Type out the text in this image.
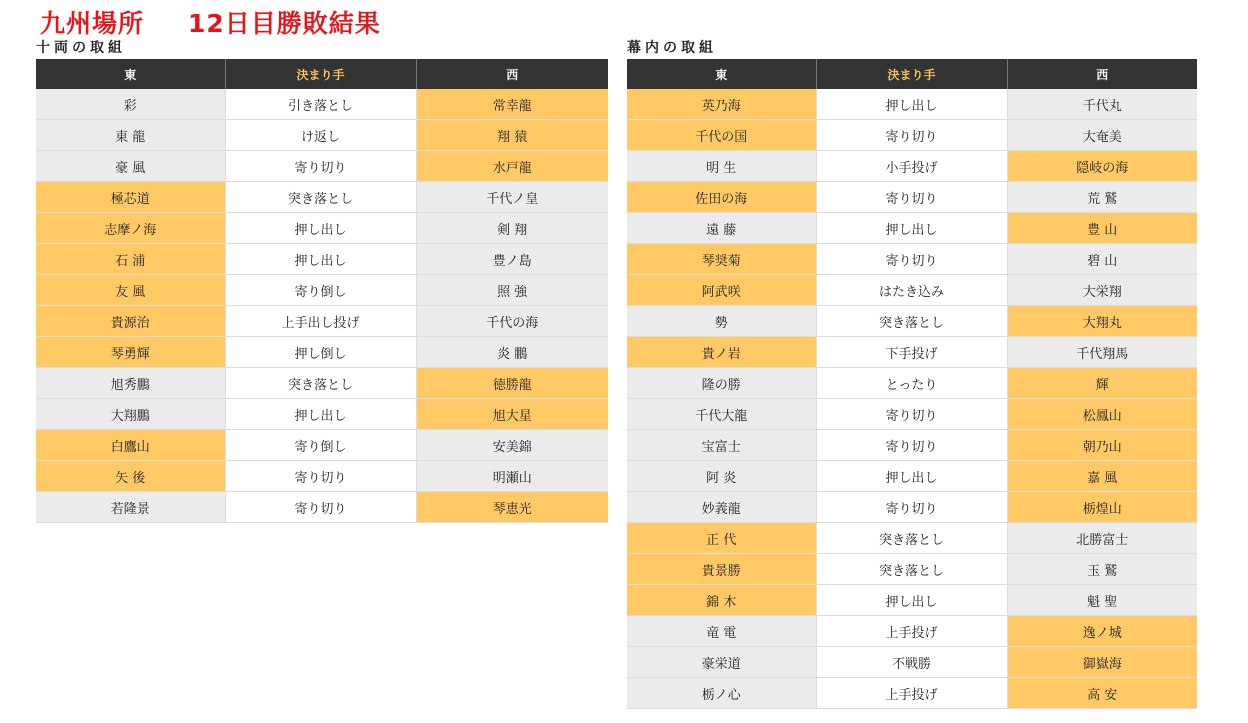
九州場所 12日目勝敗結果
十両の取組
東	決まり手	西
彩	引き落とし	常幸龍
東 龍	け返し	翔 猿
豪 風	寄り切り	水戸龍
極芯道	突き落とし	千代ノ皇
志摩ノ海	押し出し	剣 翔
石 浦	押し出し	豊ノ島
友 風	寄り倒し	照 強
貴源治	上手出し投げ	千代の海
琴勇輝	押し倒し	炎 鵬
旭秀鵬	突き落とし	徳勝龍
大翔鵬	押し出し	旭大星
白鷹山	寄り倒し	安美錦
矢 後	寄り切り	明瀬山
若隆景	寄り切り	琴恵光
幕内の取組
東	決まり手	西
英乃海	押し出し	千代丸
千代の国	寄り切り	大奄美
明 生	小手投げ	隠岐の海
佐田の海	寄り切り	荒 鷲
遠 藤	押し出し	豊 山
琴奨菊	寄り切り	碧 山
阿武咲	はたき込み	大栄翔
勢	突き落とし	大翔丸
貴ノ岩	下手投げ	千代翔馬
隆の勝	とったり	輝
千代大龍	寄り切り	松鳳山
宝富士	寄り切り	朝乃山
阿 炎	押し出し	嘉 風
妙義龍	寄り切り	栃煌山
正 代	突き落とし	北勝富士
貴景勝	突き落とし	玉 鷲
錦 木	押し出し	魁 聖
竜 電	上手投げ	逸ノ城
豪栄道	不戦勝	御嶽海
栃ノ心	上手投げ	高 安
